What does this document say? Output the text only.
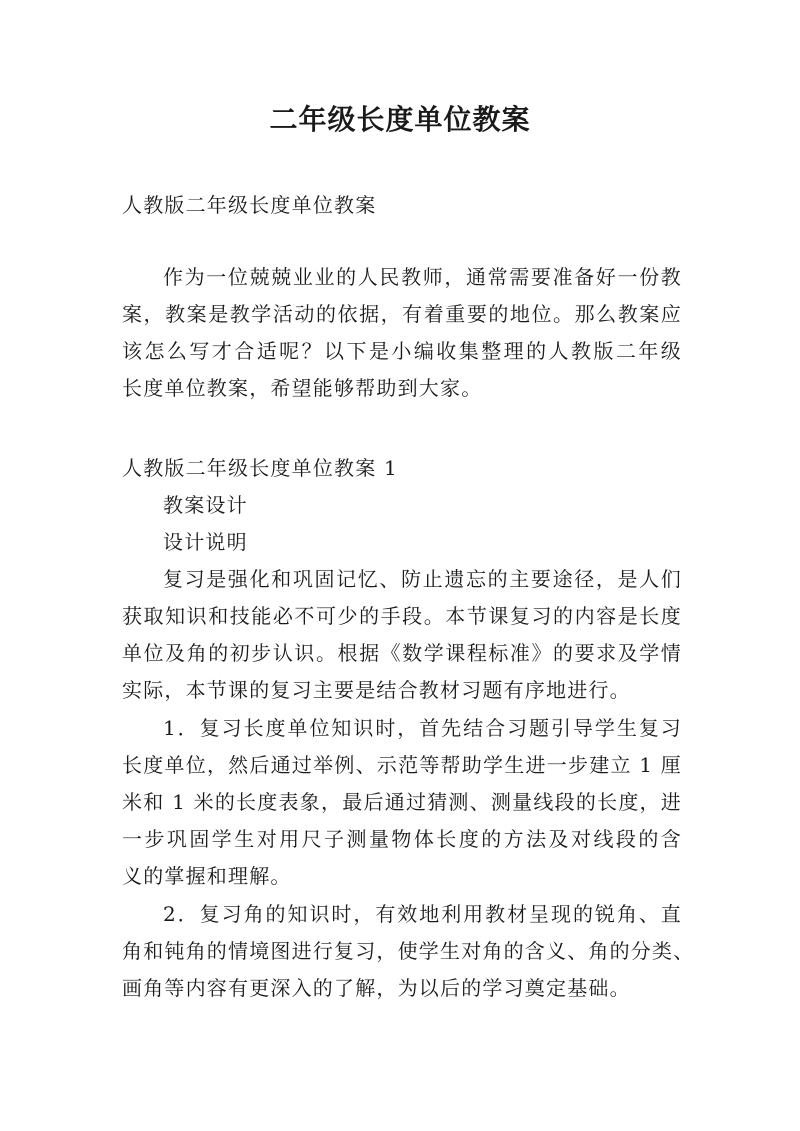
二年级长度单位教案

人教版二年级长度单位教案

作为一位兢兢业业的人民教师，通常需要准备好一份教

案，教案是教学活动的依据，有着重要的地位。那么教案应

该怎么写才合适呢？以下是小编收集整理的人教版二年级

长度单位教案，希望能够帮助到大家。

人教版二年级长度单位教案 1

教案设计

设计说明

复习是强化和巩固记忆、防止遗忘的主要途径，是人们

获取知识和技能必不可少的手段。本节课复习的内容是长度

单位及角的初步认识。根据《数学课程标准》的要求及学情

实际，本节课的复习主要是结合教材习题有序地进行。

1．复习长度单位知识时，首先结合习题引导学生复习

长度单位，然后通过举例、示范等帮助学生进一步建立 1 厘

米和 1 米的长度表象，最后通过猜测、测量线段的长度，进

一步巩固学生对用尺子测量物体长度的方法及对线段的含

义的掌握和理解。

2．复习角的知识时，有效地利用教材呈现的锐角、直

角和钝角的情境图进行复习，使学生对角的含义、角的分类、

画角等内容有更深入的了解，为以后的学习奠定基础。
